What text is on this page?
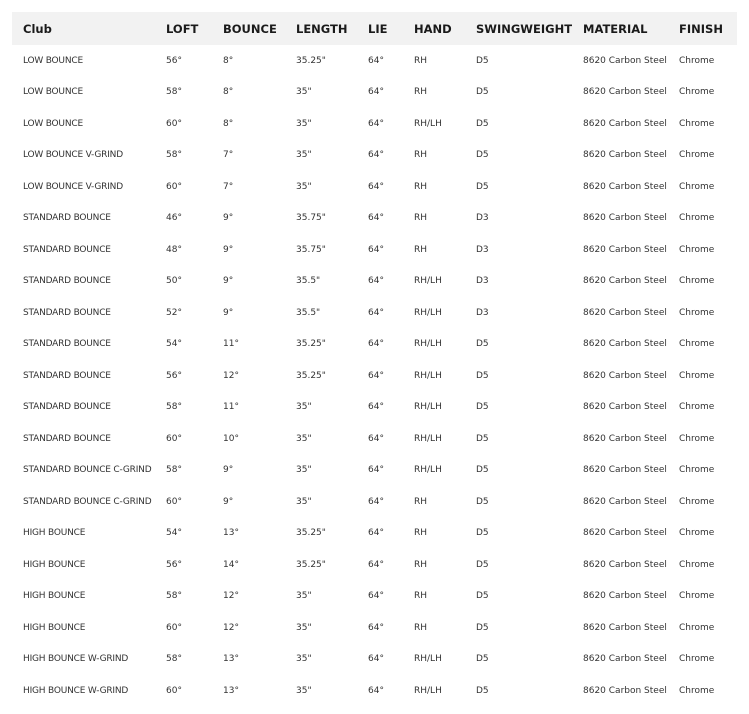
Club	LOFT	BOUNCE	LENGTH	LIE	HAND	SWINGWEIGHT	MATERIAL	FINISH
LOW BOUNCE	56°	8°	35.25"	64°	RH	D5	8620 Carbon Steel	Chrome
LOW BOUNCE	58°	8°	35"	64°	RH	D5	8620 Carbon Steel	Chrome
LOW BOUNCE	60°	8°	35"	64°	RH/LH	D5	8620 Carbon Steel	Chrome
LOW BOUNCE V-GRIND	58°	7°	35"	64°	RH	D5	8620 Carbon Steel	Chrome
LOW BOUNCE V-GRIND	60°	7°	35"	64°	RH	D5	8620 Carbon Steel	Chrome
STANDARD BOUNCE	46°	9°	35.75"	64°	RH	D3	8620 Carbon Steel	Chrome
STANDARD BOUNCE	48°	9°	35.75"	64°	RH	D3	8620 Carbon Steel	Chrome
STANDARD BOUNCE	50°	9°	35.5"	64°	RH/LH	D3	8620 Carbon Steel	Chrome
STANDARD BOUNCE	52°	9°	35.5"	64°	RH/LH	D3	8620 Carbon Steel	Chrome
STANDARD BOUNCE	54°	11°	35.25"	64°	RH/LH	D5	8620 Carbon Steel	Chrome
STANDARD BOUNCE	56°	12°	35.25"	64°	RH/LH	D5	8620 Carbon Steel	Chrome
STANDARD BOUNCE	58°	11°	35"	64°	RH/LH	D5	8620 Carbon Steel	Chrome
STANDARD BOUNCE	60°	10°	35"	64°	RH/LH	D5	8620 Carbon Steel	Chrome
STANDARD BOUNCE C-GRIND	58°	9°	35"	64°	RH/LH	D5	8620 Carbon Steel	Chrome
STANDARD BOUNCE C-GRIND	60°	9°	35"	64°	RH	D5	8620 Carbon Steel	Chrome
HIGH BOUNCE	54°	13°	35.25"	64°	RH	D5	8620 Carbon Steel	Chrome
HIGH BOUNCE	56°	14°	35.25"	64°	RH	D5	8620 Carbon Steel	Chrome
HIGH BOUNCE	58°	12°	35"	64°	RH	D5	8620 Carbon Steel	Chrome
HIGH BOUNCE	60°	12°	35"	64°	RH	D5	8620 Carbon Steel	Chrome
HIGH BOUNCE W-GRIND	58°	13°	35"	64°	RH/LH	D5	8620 Carbon Steel	Chrome
HIGH BOUNCE W-GRIND	60°	13°	35"	64°	RH/LH	D5	8620 Carbon Steel	Chrome
